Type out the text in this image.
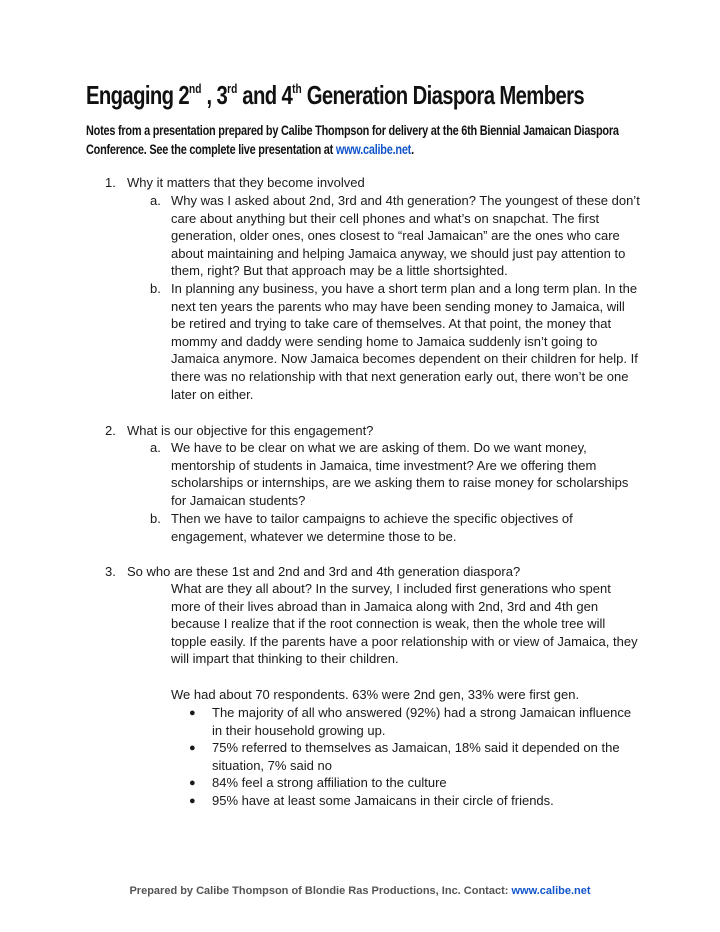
Engaging 2nd , 3rd and 4th Generation Diaspora Members
Notes from a presentation prepared by Calibe Thompson for delivery at the 6th Biennial Jamaican Diaspora Conference. See the complete live presentation at www.calibe.net.
1. Why it matters that they become involved
a. Why was I asked about 2nd, 3rd and 4th generation? The youngest of these don’t care about anything but their cell phones and what’s on snapchat. The first generation, older ones, ones closest to “real Jamaican” are the ones who care about maintaining and helping Jamaica anyway, we should just pay attention to them, right? But that approach may be a little shortsighted.
b. In planning any business, you have a short term plan and a long term plan. In the next ten years the parents who may have been sending money to Jamaica, will be retired and trying to take care of themselves. At that point, the money that mommy and daddy were sending home to Jamaica suddenly isn’t going to Jamaica anymore. Now Jamaica becomes dependent on their children for help. If there was no relationship with that next generation early out, there won’t be one later on either.
2. What is our objective for this engagement?
a. We have to be clear on what we are asking of them. Do we want money, mentorship of students in Jamaica, time investment? Are we offering them scholarships or internships, are we asking them to raise money for scholarships for Jamaican students?
b. Then we have to tailor campaigns to achieve the specific objectives of engagement, whatever we determine those to be.
3. So who are these 1st and 2nd and 3rd and 4th generation diaspora?
What are they all about? In the survey, I included first generations who spent more of their lives abroad than in Jamaica along with 2nd, 3rd and 4th gen because I realize that if the root connection is weak, then the whole tree will topple easily. If the parents have a poor relationship with or view of Jamaica, they will impart that thinking to their children.
We had about 70 respondents. 63% were 2nd gen, 33% were first gen.
● The majority of all who answered (92%) had a strong Jamaican influence in their household growing up.
● 75% referred to themselves as Jamaican, 18% said it depended on the situation, 7% said no
● 84% feel a strong affiliation to the culture
● 95% have at least some Jamaicans in their circle of friends.
Prepared by Calibe Thompson of Blondie Ras Productions, Inc. Contact: www.calibe.net
